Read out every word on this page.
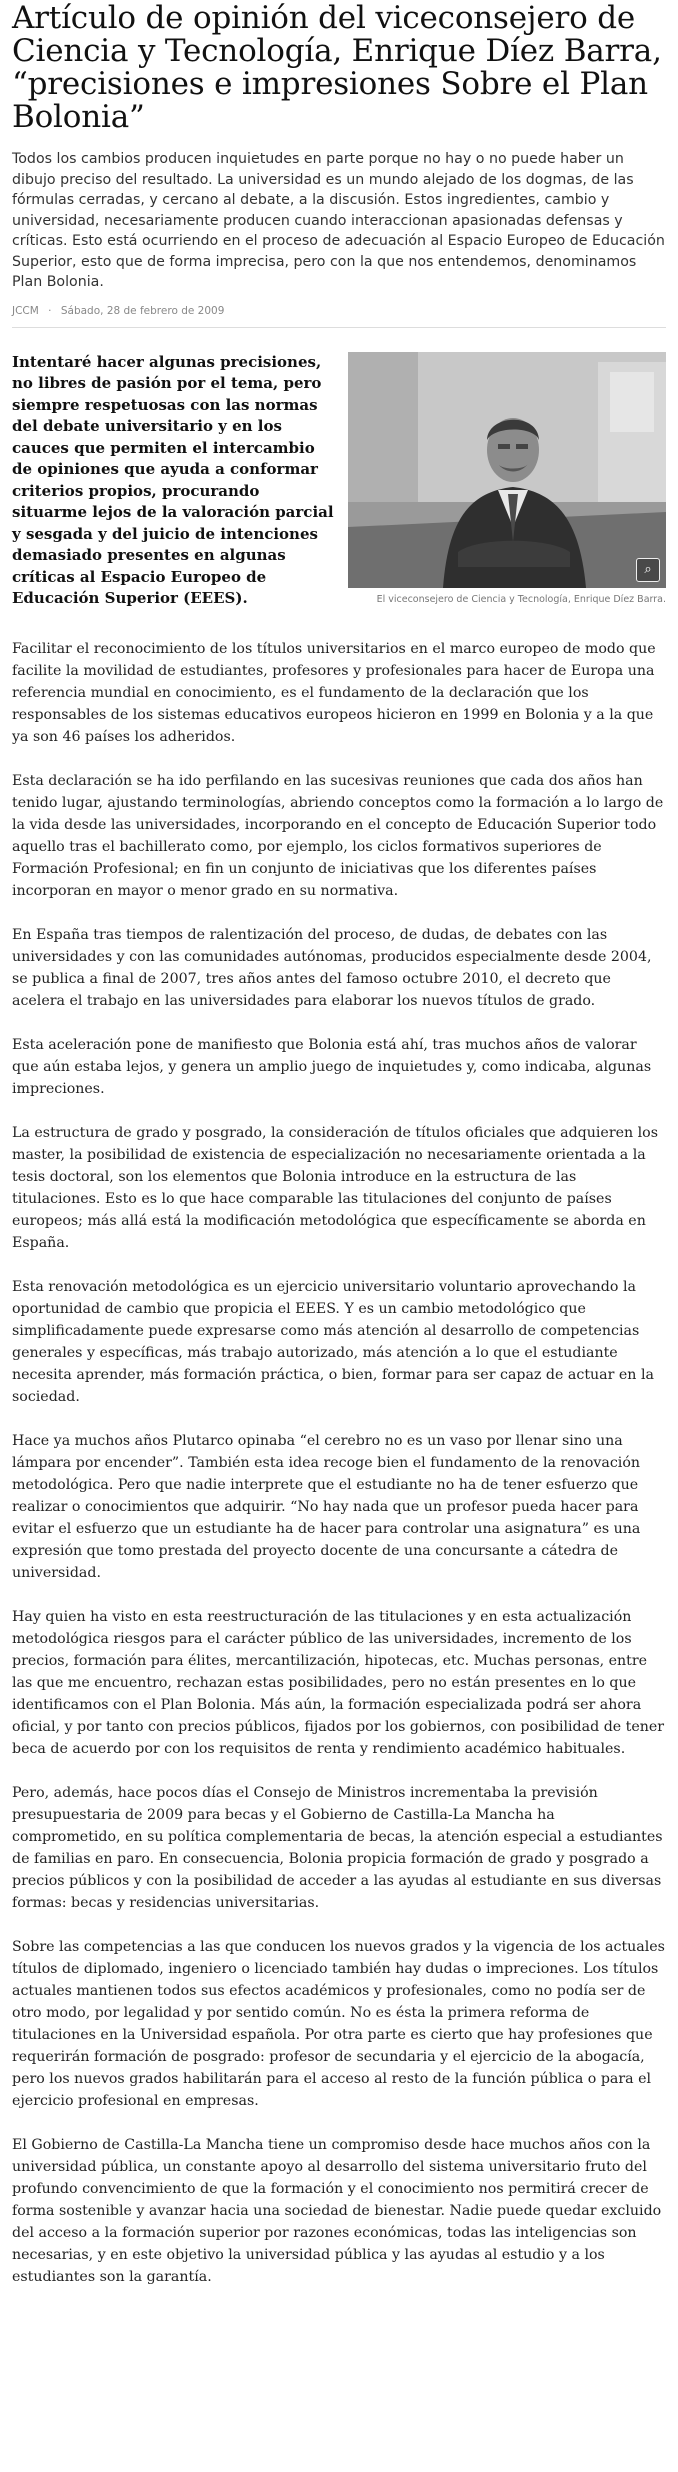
Artículo de opinión del viceconsejero de Ciencia y Tecnología, Enrique Díez Barra, “precisiones e impresiones Sobre el Plan Bolonia”

Todos los cambios producen inquietudes en parte porque no hay o no puede haber un dibujo preciso del resultado. La universidad es un mundo alejado de los dogmas, de las fórmulas cerradas, y cercano al debate, a la discusión. Estos ingredientes, cambio y universidad, necesariamente producen cuando interaccionan apasionadas defensas y críticas. Esto está ocurriendo en el proceso de adecuación al Espacio Europeo de Educación Superior, esto que de forma imprecisa, pero con la que nos entendemos, denominamos Plan Bolonia.

JCCM · Sábado, 28 de febrero de 2009

Intentaré hacer algunas precisiones, no libres de pasión por el tema, pero siempre respetuosas con las normas del debate universitario y en los cauces que permiten el intercambio de opiniones que ayuda a conformar criterios propios, procurando situarme lejos de la valoración parcial y sesgada y del juicio de intenciones demasiado presentes en algunas críticas al Espacio Europeo de Educación Superior (EEES).

⌕
El viceconsejero de Ciencia y Tecnología, Enrique Díez Barra.

Facilitar el reconocimiento de los títulos universitarios en el marco europeo de modo que facilite la movilidad de estudiantes, profesores y profesionales para hacer de Europa una referencia mundial en conocimiento, es el fundamento de la declaración que los responsables de los sistemas educativos europeos hicieron en 1999 en Bolonia y a la que ya son 46 países los adheridos.

Esta declaración se ha ido perfilando en las sucesivas reuniones que cada dos años han tenido lugar, ajustando terminologías, abriendo conceptos como la formación a lo largo de la vida desde las universidades, incorporando en el concepto de Educación Superior todo aquello tras el bachillerato como, por ejemplo, los ciclos formativos superiores de Formación Profesional; en fin un conjunto de iniciativas que los diferentes países incorporan en mayor o menor grado en su normativa.

En España tras tiempos de ralentización del proceso, de dudas, de debates con las universidades y con las comunidades autónomas, producidos especialmente desde 2004, se publica a final de 2007, tres años antes del famoso octubre 2010, el decreto que acelera el trabajo en las universidades para elaborar los nuevos títulos de grado.

Esta aceleración pone de manifiesto que Bolonia está ahí, tras muchos años de valorar que aún estaba lejos, y genera un amplio juego de inquietudes y, como indicaba, algunas impreciones.

La estructura de grado y posgrado, la consideración de títulos oficiales que adquieren los master, la posibilidad de existencia de especialización no necesariamente orientada a la tesis doctoral, son los elementos que Bolonia introduce en la estructura de las titulaciones. Esto es lo que hace comparable las titulaciones del conjunto de países europeos; más allá está la modificación metodológica que específicamente se aborda en España.

Esta renovación metodológica es un ejercicio universitario voluntario aprovechando la oportunidad de cambio que propicia el EEES. Y es un cambio metodológico que simplificadamente puede expresarse como más atención al desarrollo de competencias generales y específicas, más trabajo autorizado, más atención a lo que el estudiante necesita aprender, más formación práctica, o bien, formar para ser capaz de actuar en la sociedad.

Hace ya muchos años Plutarco opinaba “el cerebro no es un vaso por llenar sino una lámpara por encender”. También esta idea recoge bien el fundamento de la renovación metodológica. Pero que nadie interprete que el estudiante no ha de tener esfuerzo que realizar o conocimientos que adquirir. “No hay nada que un profesor pueda hacer para evitar el esfuerzo que un estudiante ha de hacer para controlar una asignatura” es una expresión que tomo prestada del proyecto docente de una concursante a cátedra de universidad.

Hay quien ha visto en esta reestructuración de las titulaciones y en esta actualización metodológica riesgos para el carácter público de las universidades, incremento de los precios, formación para élites, mercantilización, hipotecas, etc. Muchas personas, entre las que me encuentro, rechazan estas posibilidades, pero no están presentes en lo que identificamos con el Plan Bolonia. Más aún, la formación especializada podrá ser ahora oficial, y por tanto con precios públicos, fijados por los gobiernos, con posibilidad de tener beca de acuerdo por con los requisitos de renta y rendimiento académico habituales.

Pero, además, hace pocos días el Consejo de Ministros incrementaba la previsión presupuestaria de 2009 para becas y el Gobierno de Castilla-La Mancha ha comprometido, en su política complementaria de becas, la atención especial a estudiantes de familias en paro. En consecuencia, Bolonia propicia formación de grado y posgrado a precios públicos y con la posibilidad de acceder a las ayudas al estudiante en sus diversas formas: becas y residencias universitarias.

Sobre las competencias a las que conducen los nuevos grados y la vigencia de los actuales títulos de diplomado, ingeniero o licenciado también hay dudas o impreciones. Los títulos actuales mantienen todos sus efectos académicos y profesionales, como no podía ser de otro modo, por legalidad y por sentido común. No es ésta la primera reforma de titulaciones en la Universidad española. Por otra parte es cierto que hay profesiones que requerirán formación de posgrado: profesor de secundaria y el ejercicio de la abogacía, pero los nuevos grados habilitarán para el acceso al resto de la función pública o para el ejercicio profesional en empresas.

El Gobierno de Castilla-La Mancha tiene un compromiso desde hace muchos años con la universidad pública, un constante apoyo al desarrollo del sistema universitario fruto del profundo convencimiento de que la formación y el conocimiento nos permitirá crecer de forma sostenible y avanzar hacia una sociedad de bienestar. Nadie puede quedar excluido del acceso a la formación superior por razones económicas, todas las inteligencias son necesarias, y en este objetivo la universidad pública y las ayudas al estudio y a los estudiantes son la garantía.
